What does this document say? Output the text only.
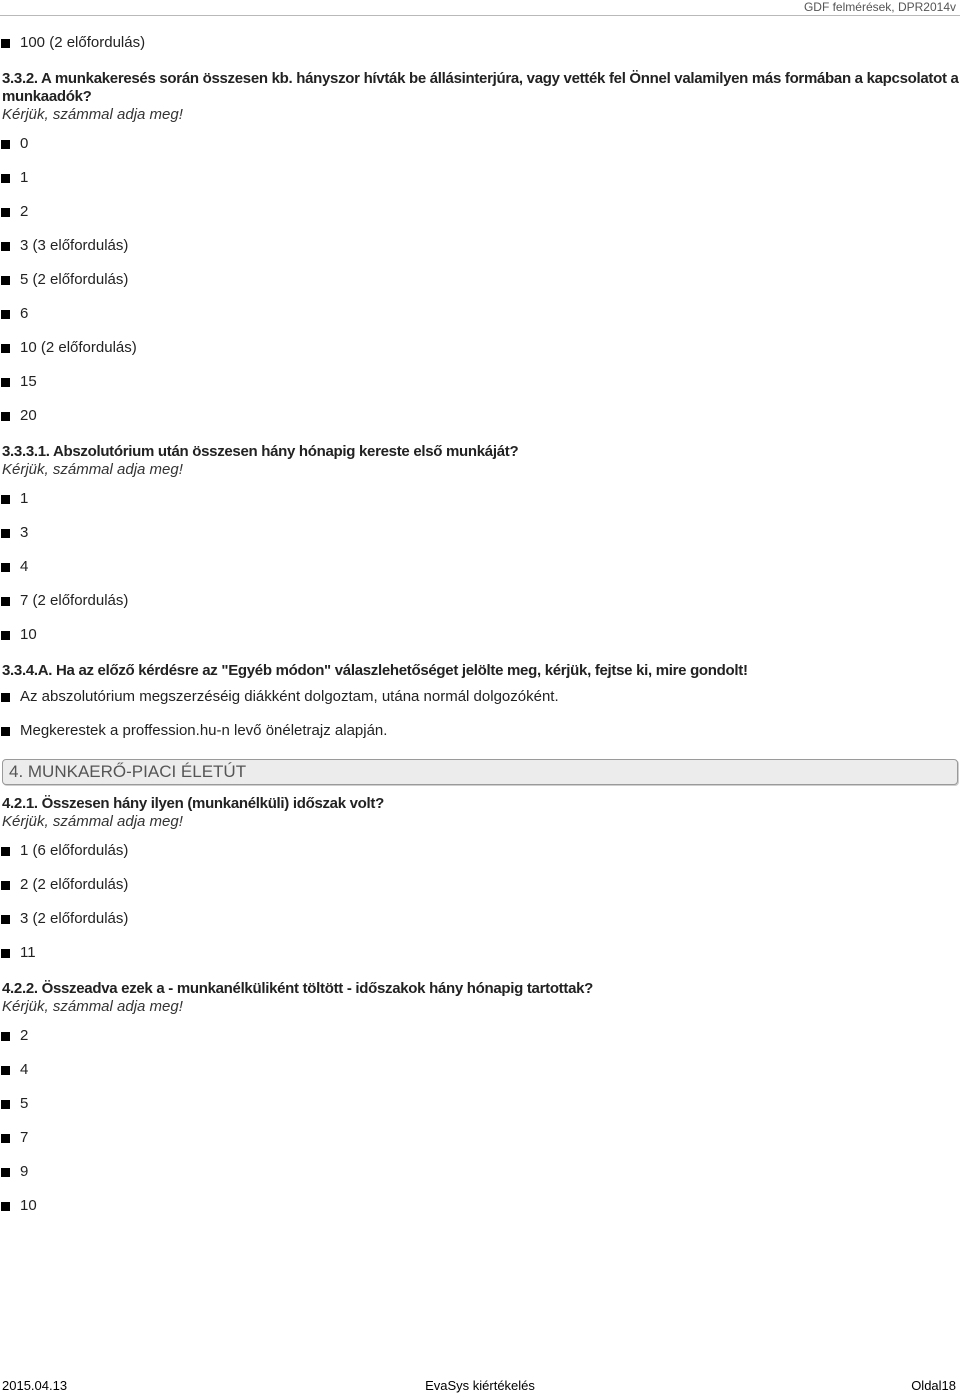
GDF felmérések, DPR2014v
100 (2 előfordulás)
3.3.2. A munkakeresés során összesen kb. hányszor hívták be állásinterjúra, vagy vették fel Önnel valamilyen más formában a kapcsolatot a munkaadók?
Kérjük, számmal adja meg!
0
1
2
3 (3 előfordulás)
5 (2 előfordulás)
6
10 (2 előfordulás)
15
20
3.3.3.1. Abszolutórium után összesen hány hónapig kereste első munkáját?
Kérjük, számmal adja meg!
1
3
4
7 (2 előfordulás)
10
3.3.4.A. Ha az előző kérdésre az "Egyéb módon" válaszlehetőséget jelölte meg, kérjük, fejtse ki, mire gondolt!
Az abszolutórium megszerzéséig diákként dolgoztam, utána normál dolgozóként.
Megkerestek a proffession.hu-n levő önéletrajz alapján.
4. MUNKAERŐ-PIACI ÉLETÚT
4.2.1. Összesen hány ilyen (munkanélküli) időszak volt?
Kérjük, számmal adja meg!
1 (6 előfordulás)
2 (2 előfordulás)
3 (2 előfordulás)
11
4.2.2. Összeadva ezek a - munkanélküliként töltött - időszakok hány hónapig tartottak?
Kérjük, számmal adja meg!
2
4
5
7
9
10
2015.04.13	EvaSys kiértékelés	Oldal18
